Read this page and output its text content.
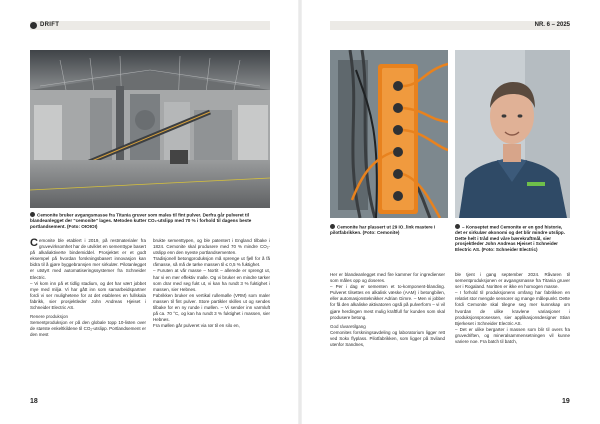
DRIFT	NR. 6 – 2025
Cemonite bruker avgangsmasse fra Titania gruver som males til fint pulver. Derfra går pulveret til blandeanlegget der "cemonite" lages. Metoden kutter CO₂-utslipp med 70 % i forhold til dagens beste portlandsement. (Foto: OIOIOI)

Cemonite ble etablert i 2019, på restmaterialer fra gruvevirksomhet har de utviklet en sementtype basert på alkaliaktiverte bindemiddel. Prosjektet er et godt eksempel på hvordan forskningsbasert innovasjon kan bidra til å gjøre byggebransjen mer sirkulær. Pilotanlegget er utstyrt med automatiseringssystemer fra Schneider Electric.

– Vi kom inn på et tidlig stadium, og det har vært jobbet mye med miljø. Vi har gått inn som samarbeidspartner fordi vi ser mulighetene for at det etableres en fullskala fabrikk, sier prosjektleder John Andreas Hjeiset i Schneider Electric AS.

Renere produksjon

Sementproduksjon er på den globale topp 10-listen over de største enkeltkildene til CO₂-utslipp. Portlandsement er den mest

brukte sementtypen, og ble patentert i England tilbake i 1824. Cemonite skal produsere med 70 % mindre CO₂-utslipp enn den nyeste portlandsementen.

Tradisjonell betongproduksjon må sprenge ut fjell for å få råmasse, så må de tørke massen til ≤ 0,5 % fuktighet.

– Furuten at vår masse – Nortit – allerede er sprengt ut, har vi en mer effektiv malle. Og vi bruker en mindre tørker som drar med seg fukt ut, vi kan ha rundt 3 % fuktighet i massen, sier Hebnes.

Fabrikken bruker en vertikal rullemølle (VRM) som maler massen til fint pulver. Store partikler skilles ut og sendes tilbake for en ny runde i møllen. – Vi sender inn varmluft på ca. 70 °C, og kan ha rundt 3 % fuktighet i massen, sier Hebnes.

Fra møllen går pulveret via rør til en silo en,

18
Cemonite har plassert ut 29 IO_link mastere i pilotfabrikken. (Foto: Cemonite)
– Konseptet med Cemonite er en god historie, det er sirkulær økonomi og det blir mindre utslipp. Dette helt i tråd med våre bærekraftmål, sier prosjektleder John Andreas Hjeiset i Schneider Electric AS. (Foto: Schneider Electric)

Her er blandeanlegget med fire kammer for ingredienser som måles opp og doseres.

– Per i dag er sementen et to-komponent-blanding. Pulveret tilsettes en alkalisk væske (AAM) i betongbilen, eller automasjonsteknikker Adrian Gimre. – Men vi jobber for få den alkaliske aktivatoren også på pulverform – vi vil gjøre herdingen mest mulig kraftfull for kunden som skal produsere betong.

God rávaretilgang

Cemonites forskningsavdeling og laboratorium ligger rett ved Sokx flyplass. Pilotfabrikken, som ligger på Sviland utenfor Sandnes,

ble tjent i gang september 2024. Råvaren til sementproduksjonen er avgangsmasse fra Titania gruver ser i Rogaland. Noritten er ikke en homogen masse.

– I forhold til produksjonens omfang har fabrikken en relativt stor mengde sensorer og mange målepunkt. Dette fordi Cemonite skal tilegne seg mer kunnskap om hvordan de ulike kravlene variasjoner i produksjonsprosessen, sier applikasjonsdesigner Stian Bjerkeset i Schneider Electric AS.

– Det er ulike bergarter i massen som blir til overs fra gruvedriften, og mineralsammensetningen vil kunne variere noe. Fra batch til batch,

19
